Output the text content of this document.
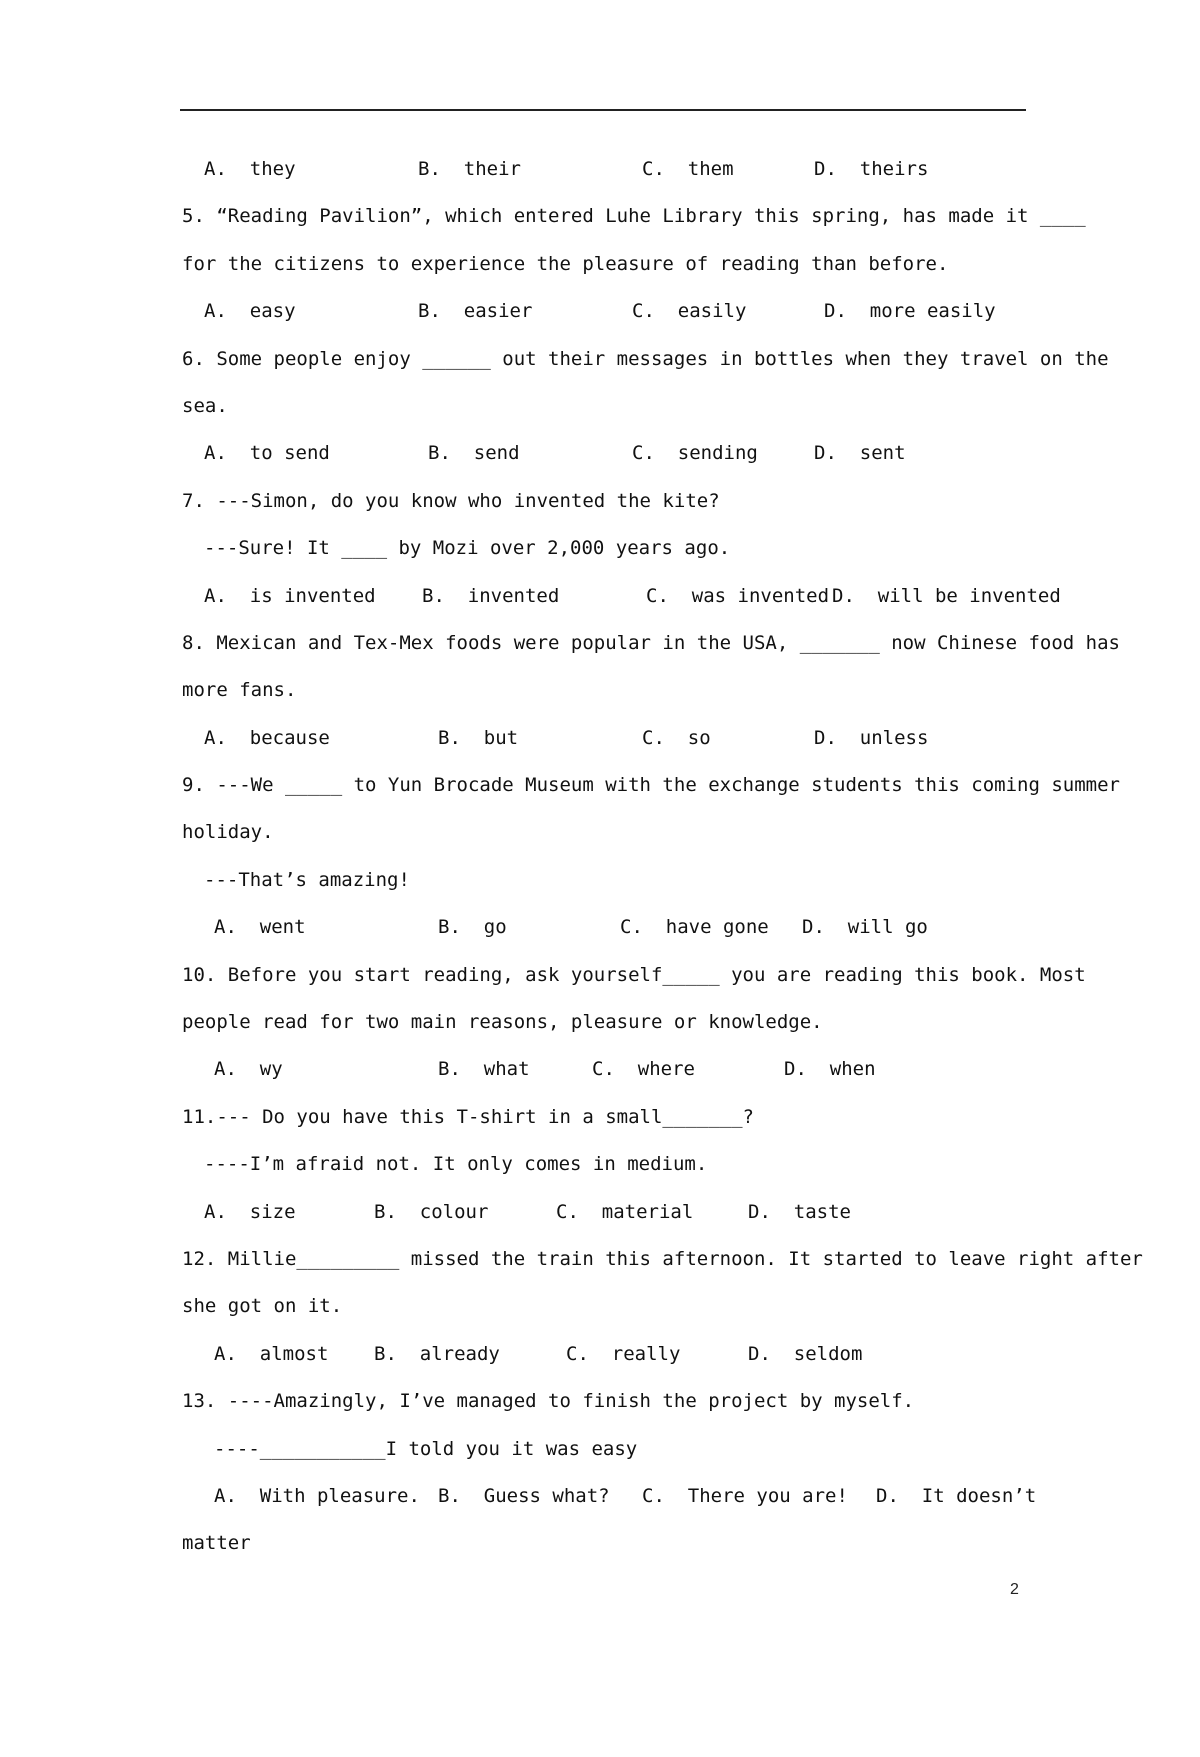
A.  they

	B.  their

	C.  them

	D.  theirs

5. “Reading Pavilion”, which entered Luhe Library this spring, has made it ____
for the citizens to experience the pleasure of reading than before.

A.  easy

	B.  easier

	C.  easily

	D.  more easily

6. Some people enjoy ______ out their messages in bottles when they travel on the
sea.

A.  to send

	B.  send

	C.  sending

	D.  sent

7. ---Simon, do you know who invented the kite?
---Sure! It ____ by Mozi over 2,000 years ago.

A.  is invented

B.  invented

	C.  was invented

D.  will be invented

8. Mexican and Tex-Mex foods were popular in the USA, _______ now Chinese food has
more fans.

A.  because

	B.  but

	C.  so

	D.  unless

9. ---We _____ to Yun Brocade Museum with the exchange students this coming summer
holiday.
---That’s amazing!

A.  went

	B.  go

	C.  have gone

D.  will go

10. Before you start reading, ask yourself_____ you are reading this book. Most
people read for two main reasons, pleasure or knowledge.

A.  wy

	B.  what

	C.  where

	D.  when

11.--- Do you have this T-shirt in a small_______?
----I’m afraid not. It only comes in medium.

A.  size

	B.  colour

	C.  material

	D.  taste

12. Millie_________ missed the train this afternoon. It started to leave right after
she got on it.

A.  almost

B.  already

	C.  really

	D.  seldom

13. ----Amazingly, I’ve managed to finish the project by myself.
----___________I told you it was easy

A.  With pleasure.

B.  Guess what?

C.  There you are!

D.  It doesn’t

matter
2
